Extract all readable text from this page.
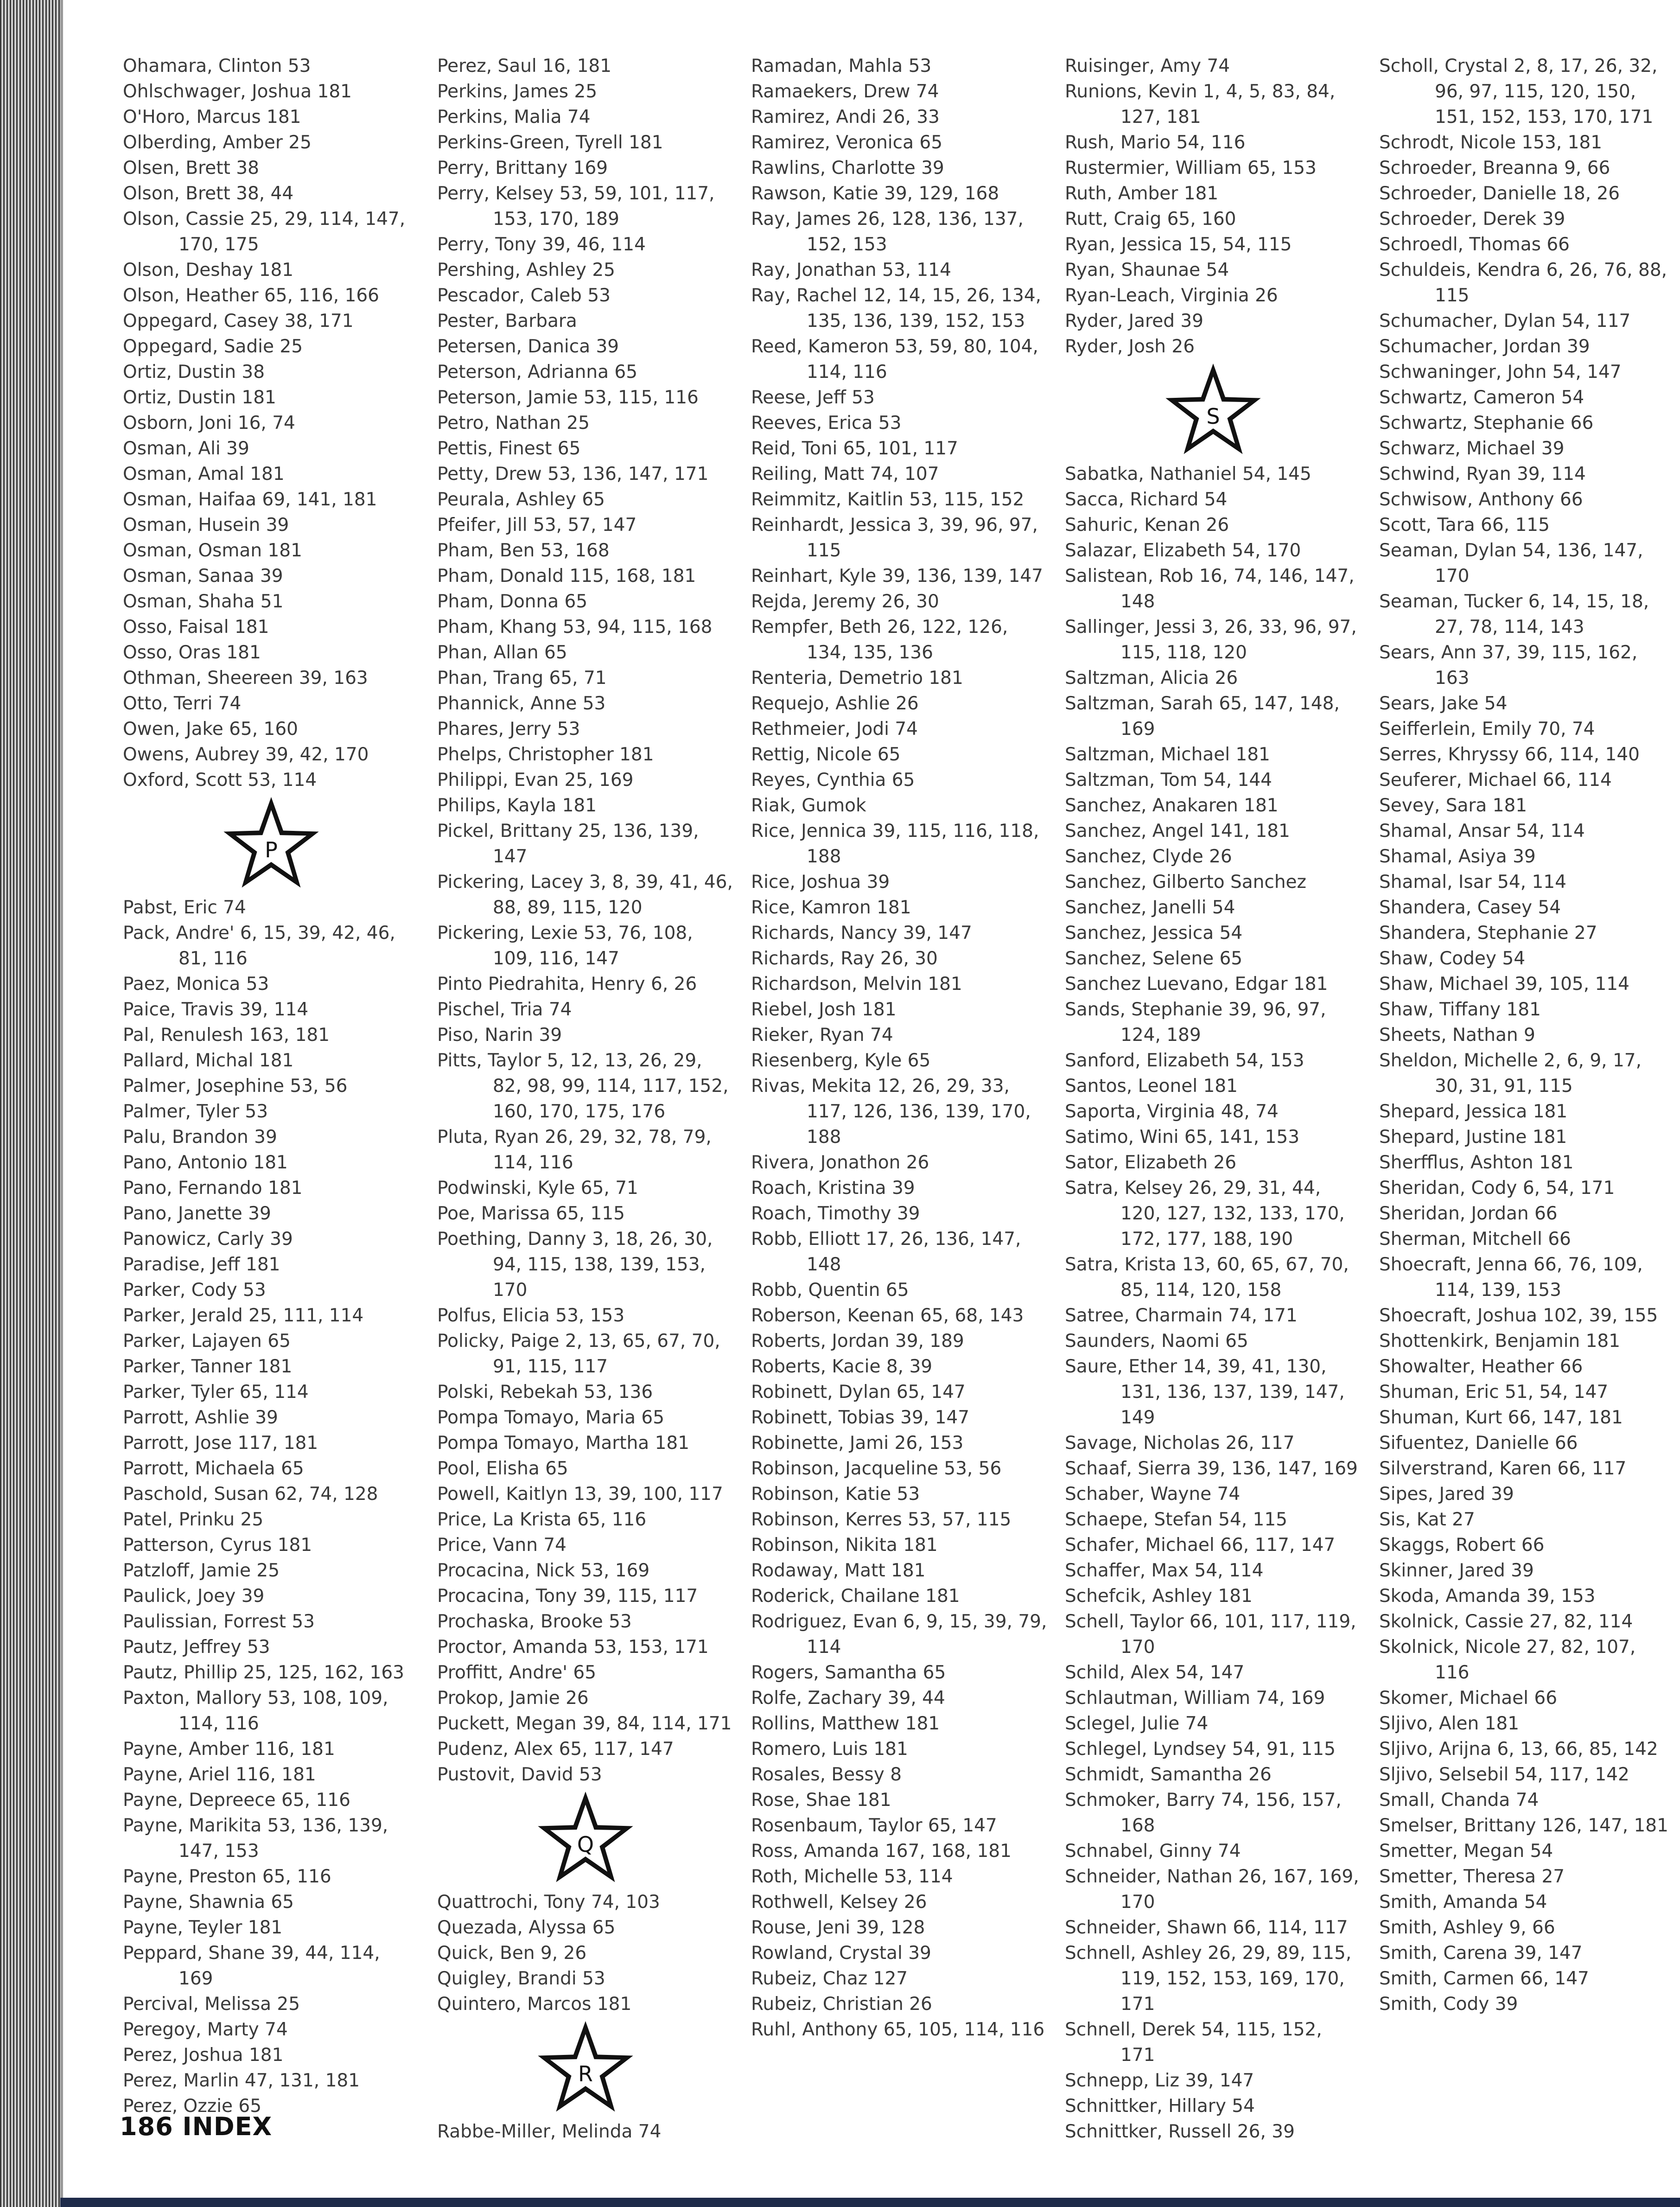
Ohamara, Clinton 53
Ohlschwager, Joshua 181
O'Horo, Marcus 181
Olberding, Amber 25
Olsen, Brett 38
Olson, Brett 38, 44
Olson, Cassie 25, 29, 114, 147, 170, 175
Olson, Deshay 181
Olson, Heather 65, 116, 166
Oppegard, Casey 38, 171
Oppegard, Sadie 25
Ortiz, Dustin 38
Ortiz, Dustin 181
Osborn, Joni 16, 74
Osman, Ali 39
Osman, Amal 181
Osman, Haifaa 69, 141, 181
Osman, Husein 39
Osman, Osman 181
Osman, Sanaa 39
Osman, Shaha 51
Osso, Faisal 181
Osso, Oras 181
Othman, Sheereen 39, 163
Otto, Terri 74
Owen, Jake 65, 160
Owens, Aubrey 39, 42, 170
Oxford, Scott 53, 114
P
Pabst, Eric 74
Pack, Andre' 6, 15, 39, 42, 46, 81, 116
Paez, Monica 53
Paice, Travis 39, 114
Pal, Renulesh 163, 181
Pallard, Michal 181
Palmer, Josephine 53, 56
Palmer, Tyler 53
Palu, Brandon 39
Pano, Antonio 181
Pano, Fernando 181
Pano, Janette 39
Panowicz, Carly 39
Paradise, Jeff 181
Parker, Cody 53
Parker, Jerald 25, 111, 114
Parker, Lajayen 65
Parker, Tanner 181
Parker, Tyler 65, 114
Parrott, Ashlie 39
Parrott, Jose 117, 181
Parrott, Michaela 65
Paschold, Susan 62, 74, 128
Patel, Prinku 25
Patterson, Cyrus 181
Patzloff, Jamie 25
Paulick, Joey 39
Paulissian, Forrest 53
Pautz, Jeffrey 53
Pautz, Phillip 25, 125, 162, 163
Paxton, Mallory 53, 108, 109, 114, 116
Payne, Amber 116, 181
Payne, Ariel 116, 181
Payne, Depreece 65, 116
Payne, Marikita 53, 136, 139, 147, 153
Payne, Preston 65, 116
Payne, Shawnia 65
Payne, Teyler 181
Peppard, Shane 39, 44, 114, 169
Percival, Melissa 25
Peregoy, Marty 74
Perez, Joshua 181
Perez, Marlin 47, 131, 181
Perez, Ozzie 65
Perez, Saul 16, 181
Perkins, James 25
Perkins, Malia 74
Perkins-Green, Tyrell 181
Perry, Brittany 169
Perry, Kelsey 53, 59, 101, 117, 153, 170, 189
Perry, Tony 39, 46, 114
Pershing, Ashley 25
Pescador, Caleb 53
Pester, Barbara
Petersen, Danica 39
Peterson, Adrianna 65
Peterson, Jamie 53, 115, 116
Petro, Nathan 25
Pettis, Finest 65
Petty, Drew 53, 136, 147, 171
Peurala, Ashley 65
Pfeifer, Jill 53, 57, 147
Pham, Ben 53, 168
Pham, Donald 115, 168, 181
Pham, Donna 65
Pham, Khang 53, 94, 115, 168
Phan, Allan 65
Phan, Trang 65, 71
Phannick, Anne 53
Phares, Jerry 53
Phelps, Christopher 181
Philippi, Evan 25, 169
Philips, Kayla 181
Pickel, Brittany 25, 136, 139, 147
Pickering, Lacey 3, 8, 39, 41, 46, 88, 89, 115, 120
Pickering, Lexie 53, 76, 108, 109, 116, 147
Pinto Piedrahita, Henry 6, 26
Pischel, Tria 74
Piso, Narin 39
Pitts, Taylor 5, 12, 13, 26, 29, 82, 98, 99, 114, 117, 152, 160, 170, 175, 176
Pluta, Ryan 26, 29, 32, 78, 79, 114, 116
Podwinski, Kyle 65, 71
Poe, Marissa 65, 115
Poething, Danny 3, 18, 26, 30, 94, 115, 138, 139, 153, 170
Polfus, Elicia 53, 153
Policky, Paige 2, 13, 65, 67, 70, 91, 115, 117
Polski, Rebekah 53, 136
Pompa Tomayo, Maria 65
Pompa Tomayo, Martha 181
Pool, Elisha 65
Powell, Kaitlyn 13, 39, 100, 117
Price, La Krista 65, 116
Price, Vann 74
Procacina, Nick 53, 169
Procacina, Tony 39, 115, 117
Prochaska, Brooke 53
Proctor, Amanda 53, 153, 171
Proffitt, Andre' 65
Prokop, Jamie 26
Puckett, Megan 39, 84, 114, 171
Pudenz, Alex 65, 117, 147
Pustovit, David 53
Q
Quattrochi, Tony 74, 103
Quezada, Alyssa 65
Quick, Ben 9, 26
Quigley, Brandi 53
Quintero, Marcos 181
R
Rabbe-Miller, Melinda 74
Ramadan, Mahla 53
Ramaekers, Drew 74
Ramirez, Andi 26, 33
Ramirez, Veronica 65
Rawlins, Charlotte 39
Rawson, Katie 39, 129, 168
Ray, James 26, 128, 136, 137, 152, 153
Ray, Jonathan 53, 114
Ray, Rachel 12, 14, 15, 26, 134, 135, 136, 139, 152, 153
Reed, Kameron 53, 59, 80, 104, 114, 116
Reese, Jeff 53
Reeves, Erica 53
Reid, Toni 65, 101, 117
Reiling, Matt 74, 107
Reimmitz, Kaitlin 53, 115, 152
Reinhardt, Jessica 3, 39, 96, 97, 115
Reinhart, Kyle 39, 136, 139, 147
Rejda, Jeremy 26, 30
Rempfer, Beth 26, 122, 126, 134, 135, 136
Renteria, Demetrio 181
Requejo, Ashlie 26
Rethmeier, Jodi 74
Rettig, Nicole 65
Reyes, Cynthia 65
Riak, Gumok
Rice, Jennica 39, 115, 116, 118, 188
Rice, Joshua 39
Rice, Kamron 181
Richards, Nancy 39, 147
Richards, Ray 26, 30
Richardson, Melvin 181
Riebel, Josh 181
Rieker, Ryan 74
Riesenberg, Kyle 65
Rivas, Mekita 12, 26, 29, 33, 117, 126, 136, 139, 170, 188
Rivera, Jonathon 26
Roach, Kristina 39
Roach, Timothy 39
Robb, Elliott 17, 26, 136, 147, 148
Robb, Quentin 65
Roberson, Keenan 65, 68, 143
Roberts, Jordan 39, 189
Roberts, Kacie 8, 39
Robinett, Dylan 65, 147
Robinett, Tobias 39, 147
Robinette, Jami 26, 153
Robinson, Jacqueline 53, 56
Robinson, Katie 53
Robinson, Kerres 53, 57, 115
Robinson, Nikita 181
Rodaway, Matt 181
Roderick, Chailane 181
Rodriguez, Evan 6, 9, 15, 39, 79, 114
Rogers, Samantha 65
Rolfe, Zachary 39, 44
Rollins, Matthew 181
Romero, Luis 181
Rosales, Bessy 8
Rose, Shae 181
Rosenbaum, Taylor 65, 147
Ross, Amanda 167, 168, 181
Roth, Michelle 53, 114
Rothwell, Kelsey 26
Rouse, Jeni 39, 128
Rowland, Crystal 39
Rubeiz, Chaz 127
Rubeiz, Christian 26
Ruhl, Anthony 65, 105, 114, 116
Ruisinger, Amy 74
Runions, Kevin 1, 4, 5, 83, 84, 127, 181
Rush, Mario 54, 116
Rustermier, William 65, 153
Ruth, Amber 181
Rutt, Craig 65, 160
Ryan, Jessica 15, 54, 115
Ryan, Shaunae 54
Ryan-Leach, Virginia 26
Ryder, Jared 39
Ryder, Josh 26
S
Sabatka, Nathaniel 54, 145
Sacca, Richard 54
Sahuric, Kenan 26
Salazar, Elizabeth 54, 170
Salistean, Rob 16, 74, 146, 147, 148
Sallinger, Jessi 3, 26, 33, 96, 97, 115, 118, 120
Saltzman, Alicia 26
Saltzman, Sarah 65, 147, 148, 169
Saltzman, Michael 181
Saltzman, Tom 54, 144
Sanchez, Anakaren 181
Sanchez, Angel 141, 181
Sanchez, Clyde 26
Sanchez, Gilberto Sanchez
Sanchez, Janelli 54
Sanchez, Jessica 54
Sanchez, Selene 65
Sanchez Luevano, Edgar 181
Sands, Stephanie 39, 96, 97, 124, 189
Sanford, Elizabeth 54, 153
Santos, Leonel 181
Saporta, Virginia 48, 74
Satimo, Wini 65, 141, 153
Sator, Elizabeth 26
Satra, Kelsey 26, 29, 31, 44, 120, 127, 132, 133, 170, 172, 177, 188, 190
Satra, Krista 13, 60, 65, 67, 70, 85, 114, 120, 158
Satree, Charmain 74, 171
Saunders, Naomi 65
Saure, Ether 14, 39, 41, 130, 131, 136, 137, 139, 147, 149
Savage, Nicholas 26, 117
Schaaf, Sierra 39, 136, 147, 169
Schaber, Wayne 74
Schaepe, Stefan 54, 115
Schafer, Michael 66, 117, 147
Schaffer, Max 54, 114
Schefcik, Ashley 181
Schell, Taylor 66, 101, 117, 119, 170
Schild, Alex 54, 147
Schlautman, William 74, 169
Sclegel, Julie 74
Schlegel, Lyndsey 54, 91, 115
Schmidt, Samantha 26
Schmoker, Barry 74, 156, 157, 168
Schnabel, Ginny 74
Schneider, Nathan 26, 167, 169, 170
Schneider, Shawn 66, 114, 117
Schnell, Ashley 26, 29, 89, 115, 119, 152, 153, 169, 170, 171
Schnell, Derek 54, 115, 152, 171
Schnepp, Liz 39, 147
Schnittker, Hillary 54
Schnittker, Russell 26, 39
Scholl, Crystal 2, 8, 17, 26, 32, 96, 97, 115, 120, 150, 151, 152, 153, 170, 171
Schrodt, Nicole 153, 181
Schroeder, Breanna 9, 66
Schroeder, Danielle 18, 26
Schroeder, Derek 39
Schroedl, Thomas 66
Schuldeis, Kendra 6, 26, 76, 88, 115
Schumacher, Dylan 54, 117
Schumacher, Jordan 39
Schwaninger, John 54, 147
Schwartz, Cameron 54
Schwartz, Stephanie 66
Schwarz, Michael 39
Schwind, Ryan 39, 114
Schwisow, Anthony 66
Scott, Tara 66, 115
Seaman, Dylan 54, 136, 147, 170
Seaman, Tucker 6, 14, 15, 18, 27, 78, 114, 143
Sears, Ann 37, 39, 115, 162, 163
Sears, Jake 54
Seifferlein, Emily 70, 74
Serres, Khryssy 66, 114, 140
Seuferer, Michael 66, 114
Sevey, Sara 181
Shamal, Ansar 54, 114
Shamal, Asiya 39
Shamal, Isar 54, 114
Shandera, Casey 54
Shandera, Stephanie 27
Shaw, Codey 54
Shaw, Michael 39, 105, 114
Shaw, Tiffany 181
Sheets, Nathan 9
Sheldon, Michelle 2, 6, 9, 17, 30, 31, 91, 115
Shepard, Jessica 181
Shepard, Justine 181
Sherfflus, Ashton 181
Sheridan, Cody 6, 54, 171
Sheridan, Jordan 66
Sherman, Mitchell 66
Shoecraft, Jenna 66, 76, 109, 114, 139, 153
Shoecraft, Joshua 102, 39, 155
Shottenkirk, Benjamin 181
Showalter, Heather 66
Shuman, Eric 51, 54, 147
Shuman, Kurt 66, 147, 181
Sifuentez, Danielle 66
Silverstrand, Karen 66, 117
Sipes, Jared 39
Sis, Kat 27
Skaggs, Robert 66
Skinner, Jared 39
Skoda, Amanda 39, 153
Skolnick, Cassie 27, 82, 114
Skolnick, Nicole 27, 82, 107, 116
Skomer, Michael 66
Sljivo, Alen 181
Sljivo, Arijna 6, 13, 66, 85, 142
Sljivo, Selsebil 54, 117, 142
Small, Chanda 74
Smelser, Brittany 126, 147, 181
Smetter, Megan 54
Smetter, Theresa 27
Smith, Amanda 54
Smith, Ashley 9, 66
Smith, Carena 39, 147
Smith, Carmen 66, 147
Smith, Cody 39
186 INDEX
